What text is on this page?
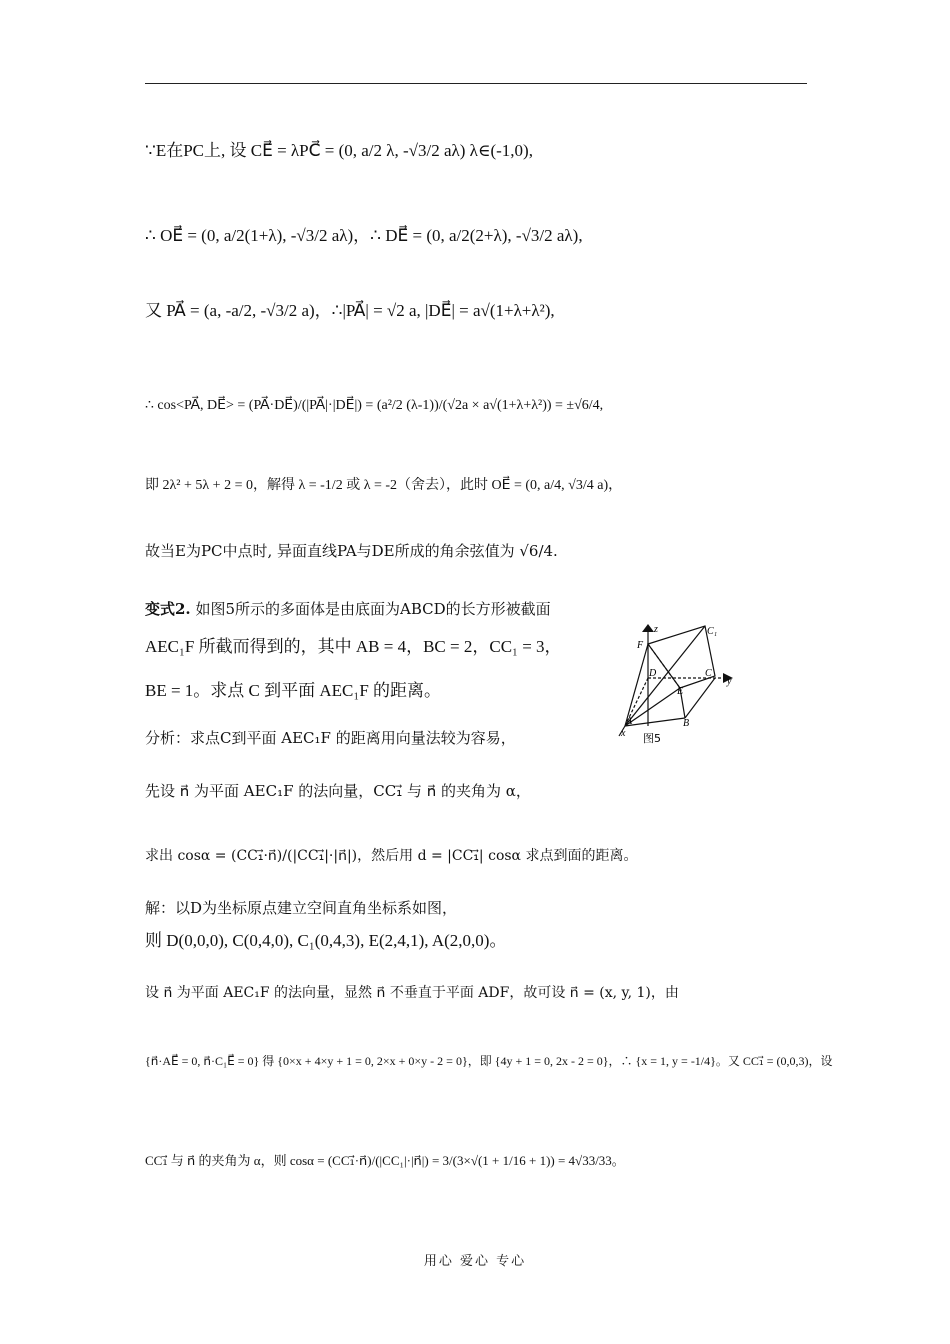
∵E在PC上, 设 CE⃗ = λPC⃗ = (0, a/2 λ, -√3/2 aλ) λ∈(-1,0),
∴ OE⃗ = (0, a/2(1+λ), -√3/2 aλ)，∴ DE⃗ = (0, a/2(2+λ), -√3/2 aλ),
又 PA⃗ = (a, -a/2, -√3/2 a)，∴|PA⃗| = √2 a, |DE⃗| = a√(1+λ+λ²),
∴ cos<PA⃗, DE⃗> = (PA⃗·DE⃗)/(|PA⃗|·|DE⃗|) = (a²/2 (λ-1))/(√2a × a√(1+λ+λ²)) = ±√6/4,
即 2λ² + 5λ + 2 = 0，解得 λ = -1/2 或 λ = -2（舍去），此时 OE⃗ = (0, a/4, √3/4 a)，
故当E为PC中点时, 异面直线PA与DE所成的角余弦值为 √6/4.
变式2. 如图5所示的多面体是由底面为ABCD的长方形被截面
AEC₁F 所截而得到的，其中 AB = 4，BC = 2，CC₁ = 3，
BE = 1。求点 C 到平面 AEC₁F 的距离。
分析：求点C到平面 AEC₁F 的距离用向量法较为容易，
先设 n⃗ 为平面 AEC₁F 的法向量，CC₁⃗ 与 n⃗ 的夹角为 α，
求出 cosα = (CC₁⃗·n⃗)/(|CC₁⃗|·|n⃗|)，然后用 d = |CC₁⃗| cosα 求点到面的距离。
解：以D为坐标原点建立空间直角坐标系如图，
则 D(0,0,0), C(0,4,0), C₁(0,4,3), E(2,4,1), A(2,0,0)。
设 n⃗ 为平面 AEC₁F 的法向量，显然 n⃗ 不垂直于平面 ADF，故可设 n⃗ = (x, y, 1)，由
{n⃗·AE⃗ = 0, n⃗·C₁E⃗ = 0} 得 {0×x + 4×y + 1 = 0, 2×x + 0×y - 2 = 0}，即 {4y + 1 = 0, 2x - 2 = 0}，∴ {x = 1, y = -1/4}。又 CC₁⃗ = (0,0,3)，设
CC₁⃗ 与 n⃗ 的夹角为 α，则 cosα = (CC₁⃗·n⃗)/(|CC₁|·|n⃗|) = 3/(3×√(1 + 1/16 + 1)) = 4√33/33。
z	C₁
F
D	C
y
E
A	B
x 图5
用心 爱心 专心
